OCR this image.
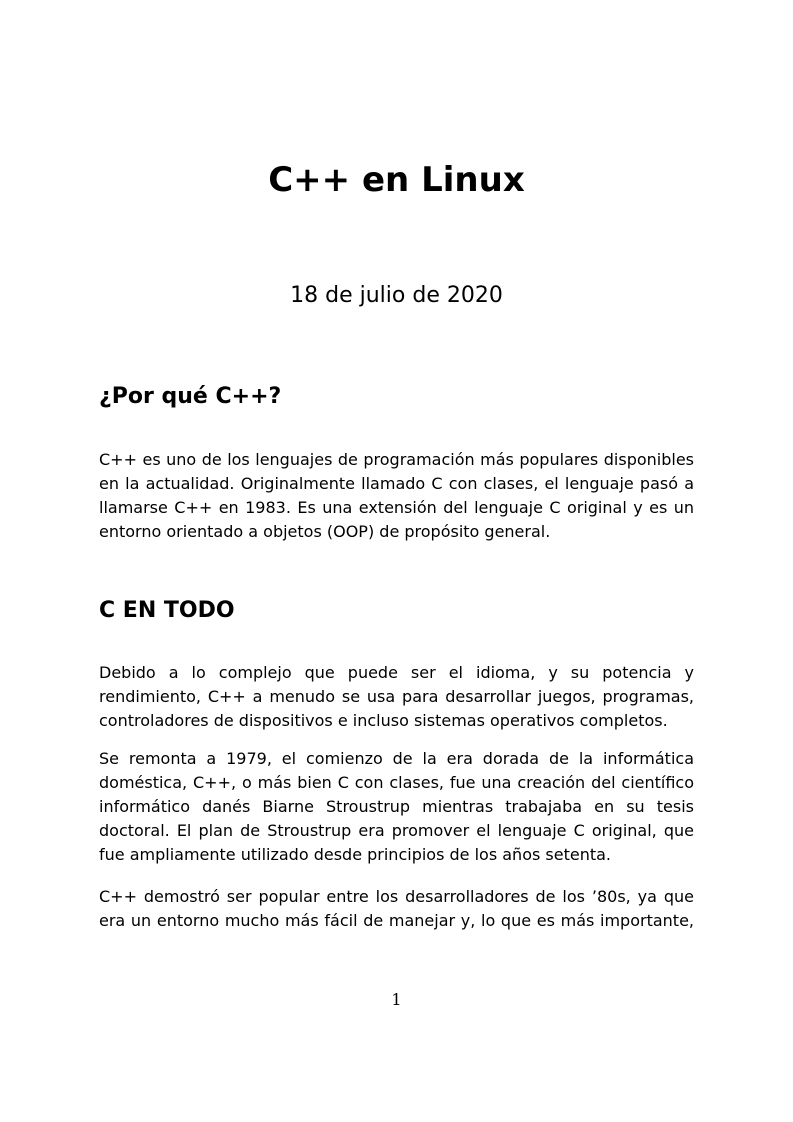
C++ en Linux
18 de julio de 2020
¿Por qué C++?

C++ es uno de los lenguajes de programación más populares disponibles en la actualidad. Originalmente llamado C con clases, el lenguaje pasó a llamarse C++ en 1983. Es una extensión del lenguaje C original y es un entorno orientado a objetos (OOP) de propósito general.

C EN TODO

Debido a lo complejo que puede ser el idioma, y su potencia y rendimiento, C++ a menudo se usa para desarrollar juegos, programas, controladores de dispositivos e incluso sistemas operativos completos.

Se remonta a 1979, el comienzo de la era dorada de la informática doméstica, C++, o más bien C con clases, fue una creación del científico informático danés Biarne Stroustrup mientras trabajaba en su tesis doctoral. El plan de Stroustrup era promover el lenguaje C original, que fue ampliamente utilizado desde principios de los años setenta.

C++ demostró ser popular entre los desarrolladores de los ’80s, ya que era un entorno mucho más fácil de manejar y, lo que es más importante,

1
